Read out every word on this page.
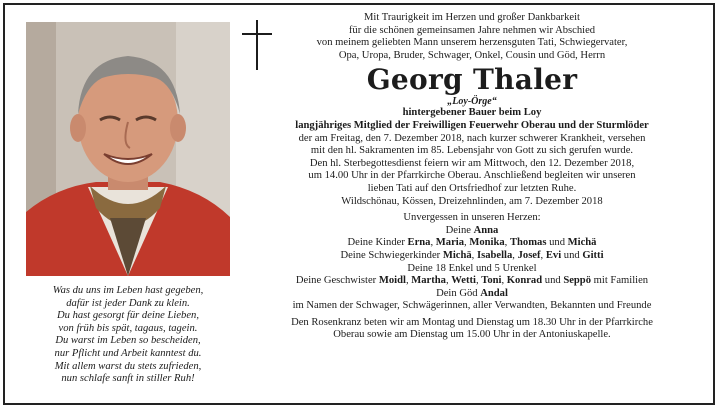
Was du uns im Leben hast gegeben,
dafür ist jeder Dank zu klein.
Du hast gesorgt für deine Lieben,
von früh bis spät, tagaus, tagein.
Du warst im Leben so bescheiden,
nur Pflicht und Arbeit kanntest du.
Mit allem warst du stets zufrieden,
nun schlafe sanft in stiller Ruh!
Mit Traurigkeit im Herzen und großer Dankbarkeit
für die schönen gemeinsamen Jahre nehmen wir Abschied
von meinem geliebten Mann unserem herzensguten Tati, Schwiegervater,
Opa, Uropa, Bruder, Schwager, Onkel, Cousin und Göd, Herrn
Georg Thaler
„Loy-Örge“
hintergebener Bauer beim Loy
langjähriges Mitglied der Freiwilligen Feuerwehr Oberau und der Sturmlöder
der am Freitag, den 7. Dezember 2018, nach kurzer schwerer Krankheit, versehen
mit den hl. Sakramenten im 85. Lebensjahr von Gott zu sich gerufen wurde.
Den hl. Sterbegottesdienst feiern wir am Mittwoch, den 12. Dezember 2018,
um 14.00 Uhr in der Pfarrkirche Oberau. Anschließend begleiten wir unseren
lieben Tati auf den Ortsfriedhof zur letzten Ruhe.
Wildschönau, Kössen, Dreizehnlinden, am 7. Dezember 2018
Unvergessen in unseren Herzen:
Deine Anna
Deine Kinder Erna, Maria, Monika, Thomas und Michä
Deine Schwiegerkinder Michä, Isabella, Josef, Evi und Gitti
Deine 18 Enkel und 5 Urenkel
Deine Geschwister Moidl, Martha, Wetti, Toni, Konrad und Seppö mit Familien
Dein Göd Andal
im Namen der Schwager, Schwägerinnen, aller Verwandten, Bekannten und Freunde
Den Rosenkranz beten wir am Montag und Dienstag um 18.30 Uhr in der Pfarrkirche
Oberau sowie am Dienstag um 15.00 Uhr in der Antoniuskapelle.
